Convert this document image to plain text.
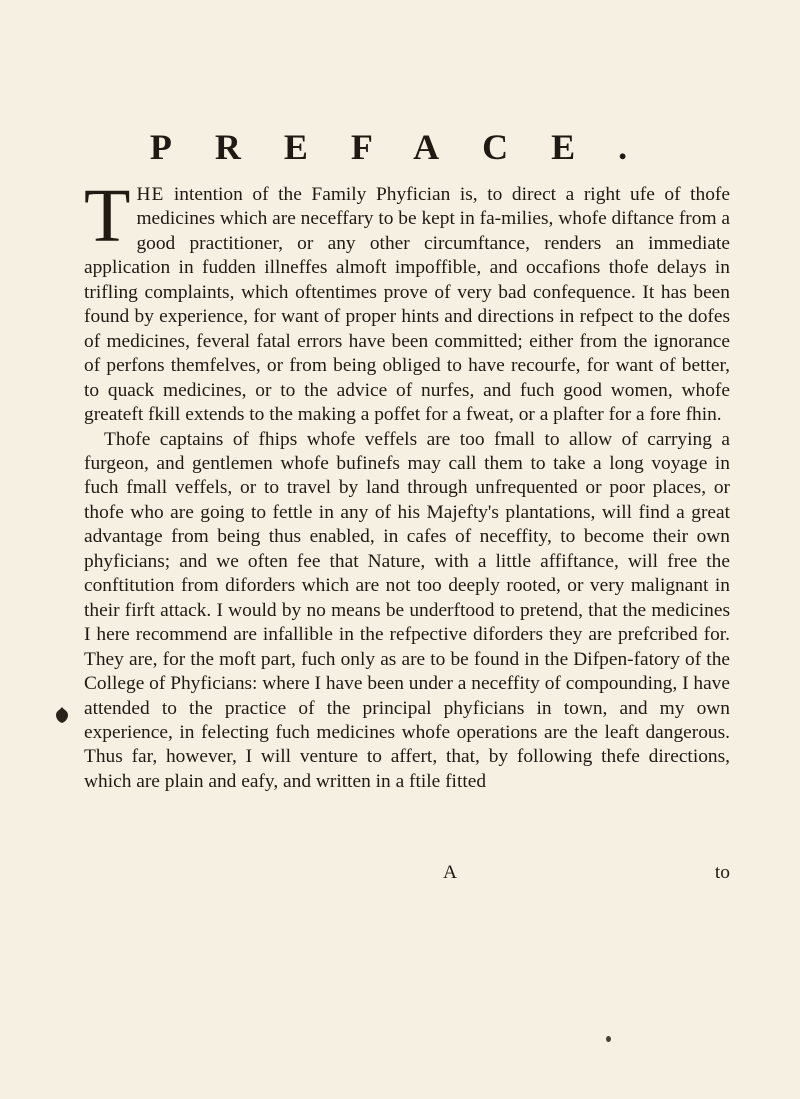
PREFACE.

THE intention of the Family Phyfician is, to direct a right ufe of thofe medicines which are neceffary to be kept in fa-milies, whofe diftance from a good practitioner, or any other circumftance, renders an immediate application in fudden illneffes almoft impoffible, and occafions thofe delays in trifling complaints, which oftentimes prove of very bad confequence. It has been found by experience, for want of proper hints and directions in refpect to the dofes of medicines, feveral fatal errors have been committed; either from the ignorance of perfons themfelves, or from being obliged to have recourfe, for want of better, to quack medicines, or to the advice of nurfes, and fuch good women, whofe greateft fkill extends to the making a poffet for a fweat, or a plafter for a fore fhin.

Thofe captains of fhips whofe veffels are too fmall to allow of carrying a furgeon, and gentlemen whofe bufinefs may call them to take a long voyage in fuch fmall veffels, or to travel by land through unfrequented or poor places, or thofe who are going to fettle in any of his Majefty's plantations, will find a great advantage from being thus enabled, in cafes of neceffity, to become their own phyficians; and we often fee that Nature, with a little affiftance, will free the conftitution from diforders which are not too deeply rooted, or very malignant in their firft attack. I would by no means be underftood to pretend, that the medicines I here recommend are infallible in the refpective diforders they are prefcribed for. They are, for the moft part, fuch only as are to be found in the Difpen-fatory of the College of Phyficians: where I have been under a neceffity of compounding, I have attended to the practice of the principal phyficians in town, and my own experience, in felecting fuch medicines whofe operations are the leaft dangerous. Thus far, however, I will venture to affert, that, by following thefe directions, which are plain and eafy, and written in a ftile fitted

A	to
